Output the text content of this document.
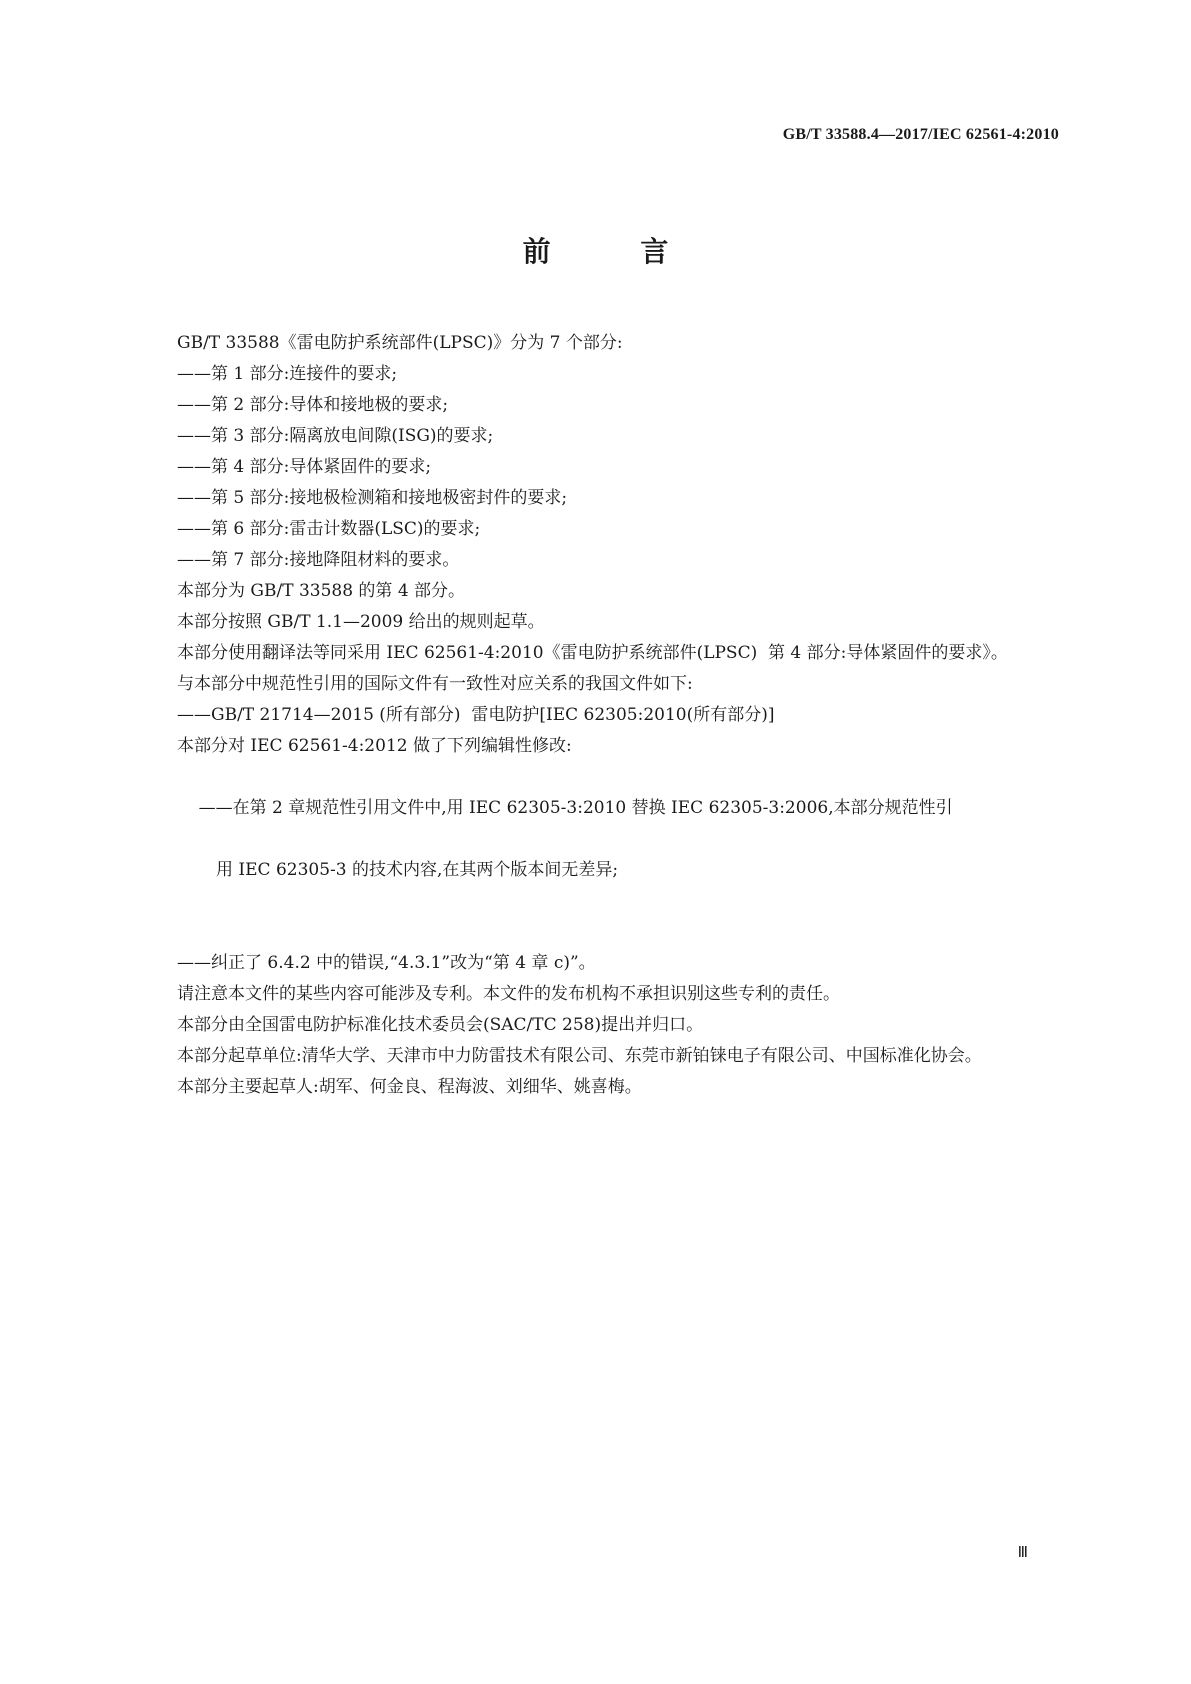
GB/T 33588.4—2017/IEC 62561-4:2010
前 言
GB/T 33588《雷电防护系统部件(LPSC)》分为 7 个部分:
——第 1 部分:连接件的要求;
——第 2 部分:导体和接地极的要求;
——第 3 部分:隔离放电间隙(ISG)的要求;
——第 4 部分:导体紧固件的要求;
——第 5 部分:接地极检测箱和接地极密封件的要求;
——第 6 部分:雷击计数器(LSC)的要求;
——第 7 部分:接地降阻材料的要求。
本部分为 GB/T 33588 的第 4 部分。
本部分按照 GB/T 1.1—2009 给出的规则起草。
本部分使用翻译法等同采用 IEC 62561-4:2010《雷电防护系统部件(LPSC)  第 4 部分:导体紧固件的要求》。
与本部分中规范性引用的国际文件有一致性对应关系的我国文件如下:
——GB/T 21714—2015 (所有部分)  雷电防护[IEC 62305:2010(所有部分)]
本部分对 IEC 62561-4:2012 做了下列编辑性修改:

——在第 2 章规范性引用文件中,用 IEC 62305-3:2010 替换 IEC 62305-3:2006,本部分规范性引

用 IEC 62305-3 的技术内容,在其两个版本间无差异;

——纠正了 6.4.2 中的错误,“4.3.1”改为“第 4 章 c)”。
请注意本文件的某些内容可能涉及专利。本文件的发布机构不承担识别这些专利的责任。
本部分由全国雷电防护标准化技术委员会(SAC/TC 258)提出并归口。
本部分起草单位:清华大学、天津市中力防雷技术有限公司、东莞市新铂铼电子有限公司、中国标准化协会。
本部分主要起草人:胡军、何金良、程海波、刘细华、姚喜梅。
Ⅲ
